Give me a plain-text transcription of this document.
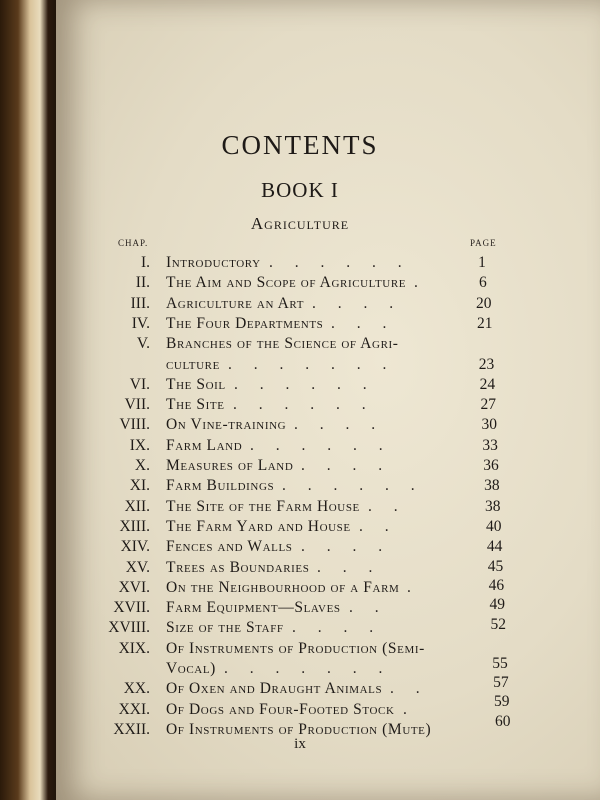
CONTENTS
BOOK I
Agriculture
CHAP.	PAGE
I. Introductory . . . . . .	1
II. The Aim and Scope of Agriculture .	6
III. Agriculture an Art . . . .	20
IV. The Four Departments . . .	21
V. Branches of the Science of Agri-
culture . . . . . . .	23
VI. The Soil . . . . . .	24
VII. The Site . . . . . .	27
VIII. On Vine-training . . . .	30
IX. Farm Land . . . . . .	33
X. Measures of Land . . . .	36
XI. Farm Buildings . . . . . .	38
XII. The Site of the Farm House . .	38
XIII. The Farm Yard and House . .	40
XIV. Fences and Walls . . . .	44
XV. Trees as Boundaries . . .	45
XVI. On the Neighbourhood of a Farm .	46
XVII. Farm Equipment—Slaves . .	49
XVIII. Size of the Staff . . . .	52
XIX. Of Instruments of Production (Semi-
Vocal) . . . . . . .	55
XX. Of Oxen and Draught Animals . .	57
XXI. Of Dogs and Four-Footed Stock .	59
XXII. Of Instruments of Production (Mute)	60
ix
